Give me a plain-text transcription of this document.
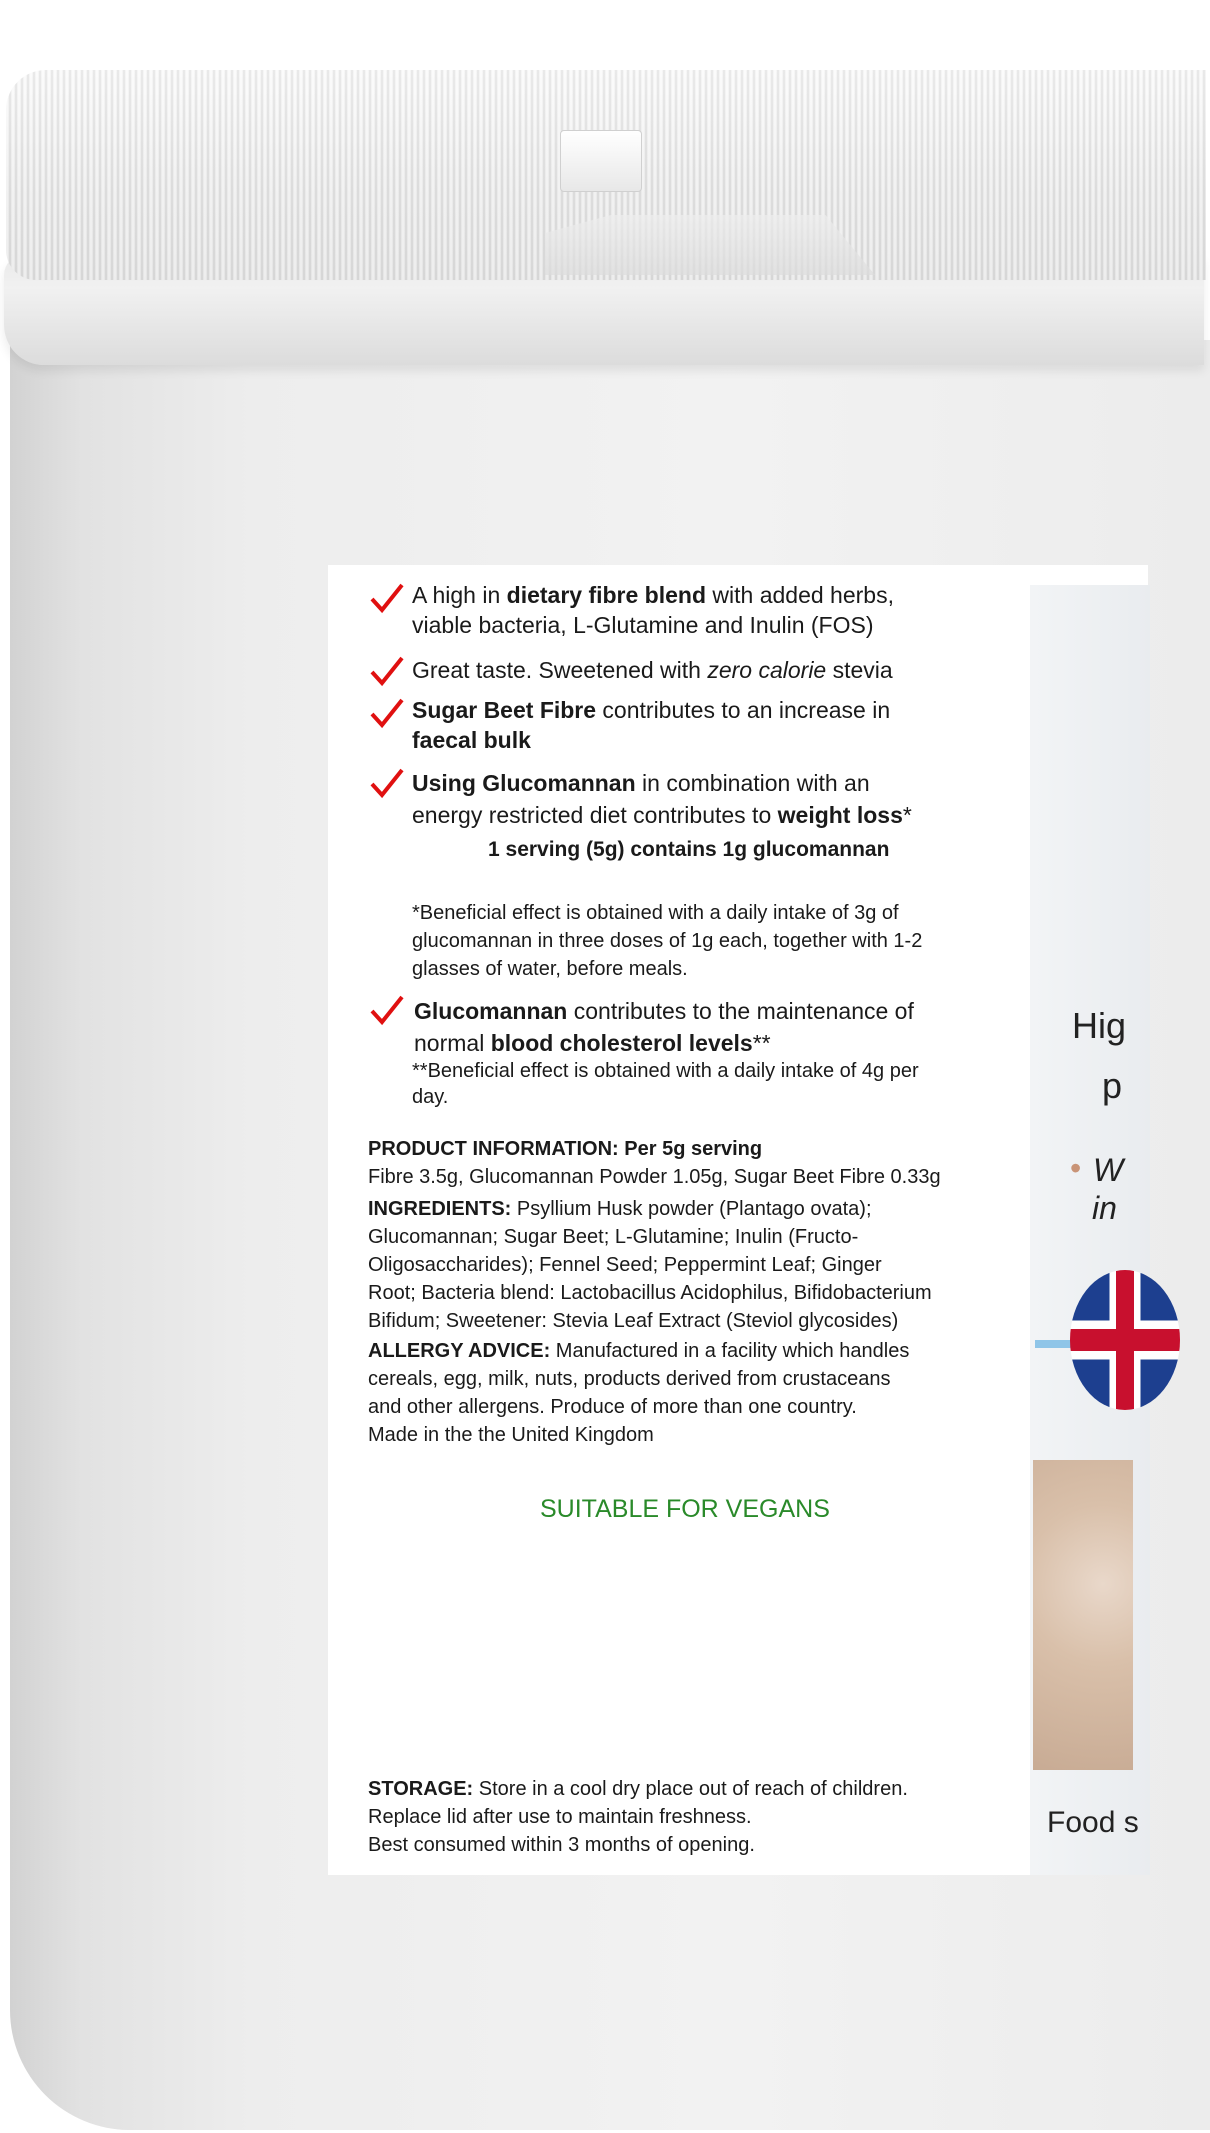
Hig
p
• W
in
Food s
A high in dietary fibre blend with added herbs,
viable bacteria, L-Glutamine and Inulin (FOS)
Great taste. Sweetened with zero calorie stevia
Sugar Beet Fibre contributes to an increase in
faecal bulk
Using Glucomannan in combination with an
energy restricted diet contributes to weight loss*
1 serving (5g) contains 1g glucomannan
*Beneficial effect is obtained with a daily intake of 3g of
glucomannan in three doses of 1g each, together with 1-2
glasses of water, before meals.
Glucomannan contributes to the maintenance of
normal blood cholesterol levels**
**Beneficial effect is obtained with a daily intake of 4g per
day.
PRODUCT INFORMATION: Per 5g serving
Fibre 3.5g, Glucomannan Powder 1.05g, Sugar Beet Fibre 0.33g
INGREDIENTS: Psyllium Husk powder (Plantago ovata);
Glucomannan; Sugar Beet; L-Glutamine; Inulin (Fructo-
Oligosaccharides); Fennel Seed; Peppermint Leaf; Ginger
Root; Bacteria blend: Lactobacillus Acidophilus, Bifidobacterium
Bifidum; Sweetener: Stevia Leaf Extract (Steviol glycosides)
ALLERGY ADVICE: Manufactured in a facility which handles
cereals, egg, milk, nuts, products derived from crustaceans
and other allergens. Produce of more than one country.
Made in the the United Kingdom
SUITABLE FOR VEGANS
STORAGE: Store in a cool dry place out of reach of children.
Replace lid after use to maintain freshness.
Best consumed within 3 months of opening.
